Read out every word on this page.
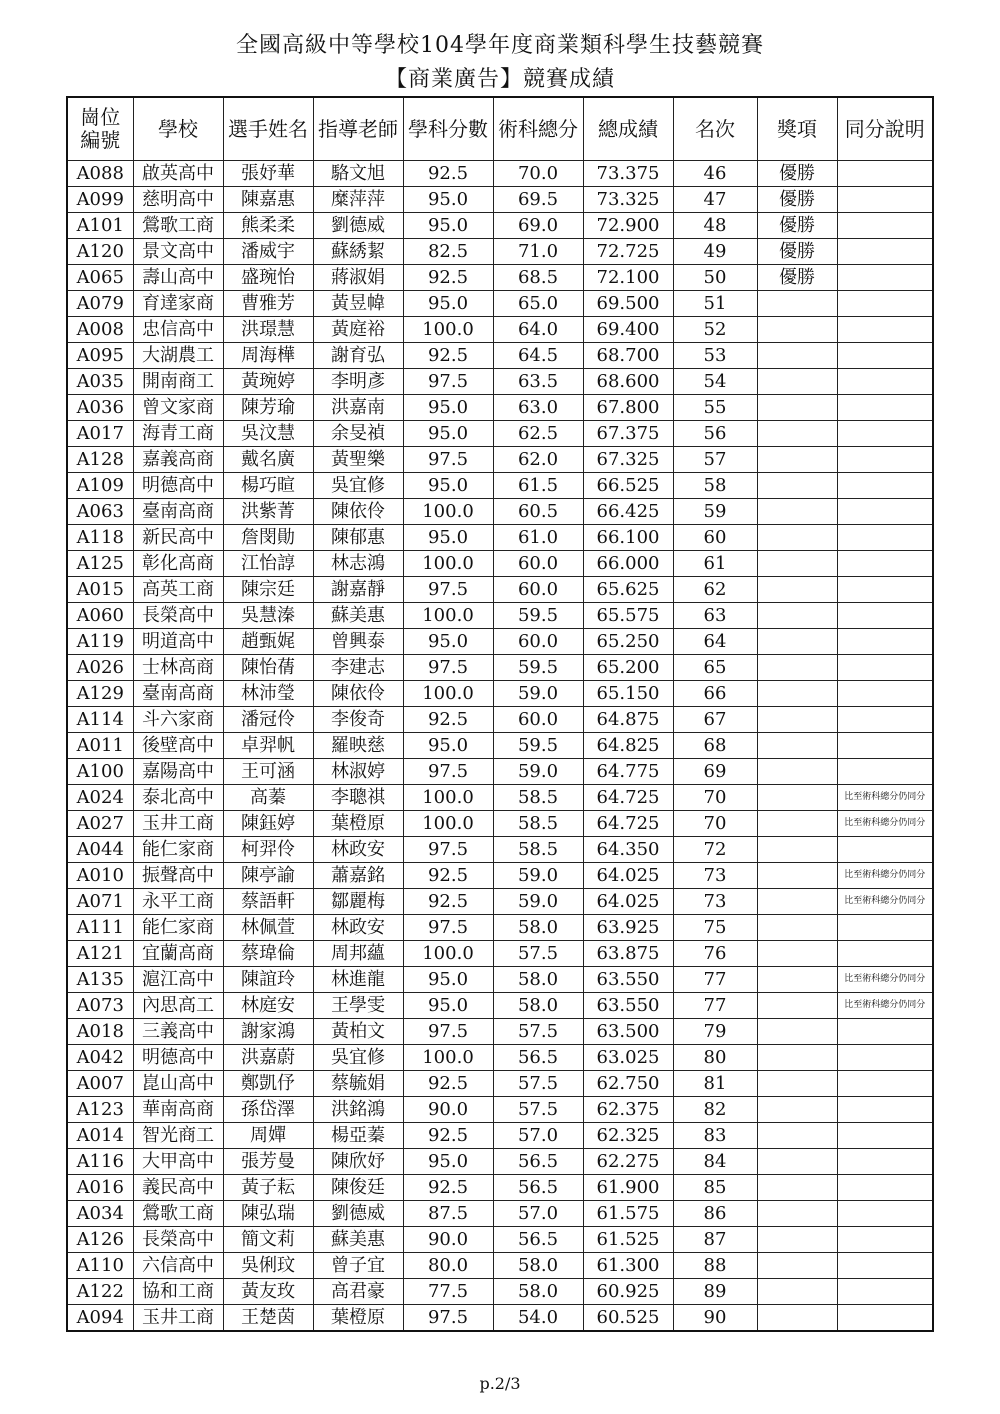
全國高級中等學校104學年度商業類科學生技藝競賽
【商業廣告】競賽成績
崗位編號	學校	選手姓名	指導老師	學科分數	術科總分	總成績	名次	獎項	同分說明
A088	啟英高中	張妤華	駱文旭	92.5	70.0	73.375	46	優勝	
A099	慈明高中	陳嘉惠	糜萍萍	95.0	69.5	73.325	47	優勝	
A101	鶯歌工商	熊柔柔	劉德威	95.0	69.0	72.900	48	優勝	
A120	景文高中	潘威宇	蘇綉絜	82.5	71.0	72.725	49	優勝	
A065	壽山高中	盛琬怡	蔣淑娟	92.5	68.5	72.100	50	優勝	
A079	育達家商	曹雅芳	黃昱幃	95.0	65.0	69.500	51		
A008	忠信高中	洪璟慧	黃庭裕	100.0	64.0	69.400	52		
A095	大湖農工	周海樺	謝育弘	92.5	64.5	68.700	53		
A035	開南商工	黃琬婷	李明彥	97.5	63.5	68.600	54		
A036	曾文家商	陳芳瑜	洪嘉南	95.0	63.0	67.800	55		
A017	海青工商	吳汶慧	余旻禎	95.0	62.5	67.375	56		
A128	嘉義高商	戴名廣	黃聖樂	97.5	62.0	67.325	57		
A109	明德高中	楊巧暄	吳宜修	95.0	61.5	66.525	58		
A063	臺南高商	洪紫菁	陳依伶	100.0	60.5	66.425	59		
A118	新民高中	詹閔勛	陳郁惠	95.0	61.0	66.100	60		
A125	彰化高商	江怡諄	林志鴻	100.0	60.0	66.000	61		
A015	高英工商	陳宗廷	謝嘉靜	97.5	60.0	65.625	62		
A060	長榮高中	吳慧溱	蘇美惠	100.0	59.5	65.575	63		
A119	明道高中	趙甄娓	曾興泰	95.0	60.0	65.250	64		
A026	士林高商	陳怡蒨	李建志	97.5	59.5	65.200	65		
A129	臺南高商	林沛瑩	陳依伶	100.0	59.0	65.150	66		
A114	斗六家商	潘冠伶	李俊奇	92.5	60.0	64.875	67		
A011	後壁高中	卓羿帆	羅映慈	95.0	59.5	64.825	68		
A100	嘉陽高中	王可涵	林淑婷	97.5	59.0	64.775	69		
A024	泰北高中	高蓁	李聰祺	100.0	58.5	64.725	70		比至術科總分仍同分
A027	玉井工商	陳鈺婷	葉橙原	100.0	58.5	64.725	70		比至術科總分仍同分
A044	能仁家商	柯羿伶	林政安	97.5	58.5	64.350	72		
A010	振聲高中	陳亭諭	蕭嘉銘	92.5	59.0	64.025	73		比至術科總分仍同分
A071	永平工商	蔡語軒	鄒麗梅	92.5	59.0	64.025	73		比至術科總分仍同分
A111	能仁家商	林佩萱	林政安	97.5	58.0	63.925	75		
A121	宜蘭高商	蔡瑋倫	周邦蘊	100.0	57.5	63.875	76		
A135	滬江高中	陳誼玲	林進龍	95.0	58.0	63.550	77		比至術科總分仍同分
A073	內思高工	林庭安	王學雯	95.0	58.0	63.550	77		比至術科總分仍同分
A018	三義高中	謝家鴻	黃柏文	97.5	57.5	63.500	79		
A042	明德高中	洪嘉蔚	吳宜修	100.0	56.5	63.025	80		
A007	崑山高中	鄭凱伃	蔡毓娟	92.5	57.5	62.750	81		
A123	華南高商	孫岱澤	洪銘鴻	90.0	57.5	62.375	82		
A014	智光商工	周嬋	楊亞蓁	92.5	57.0	62.325	83		
A116	大甲高中	張芳曼	陳欣妤	95.0	56.5	62.275	84		
A016	義民高中	黃子耘	陳俊廷	92.5	56.5	61.900	85		
A034	鶯歌工商	陳弘瑞	劉德威	87.5	57.0	61.575	86		
A126	長榮高中	簡文莉	蘇美惠	90.0	56.5	61.525	87		
A110	六信高中	吳俐玟	曾子宜	80.0	58.0	61.300	88		
A122	協和工商	黃友玫	高君豪	77.5	58.0	60.925	89		
A094	玉井工商	王楚茵	葉橙原	97.5	54.0	60.525	90		
p.2/3
